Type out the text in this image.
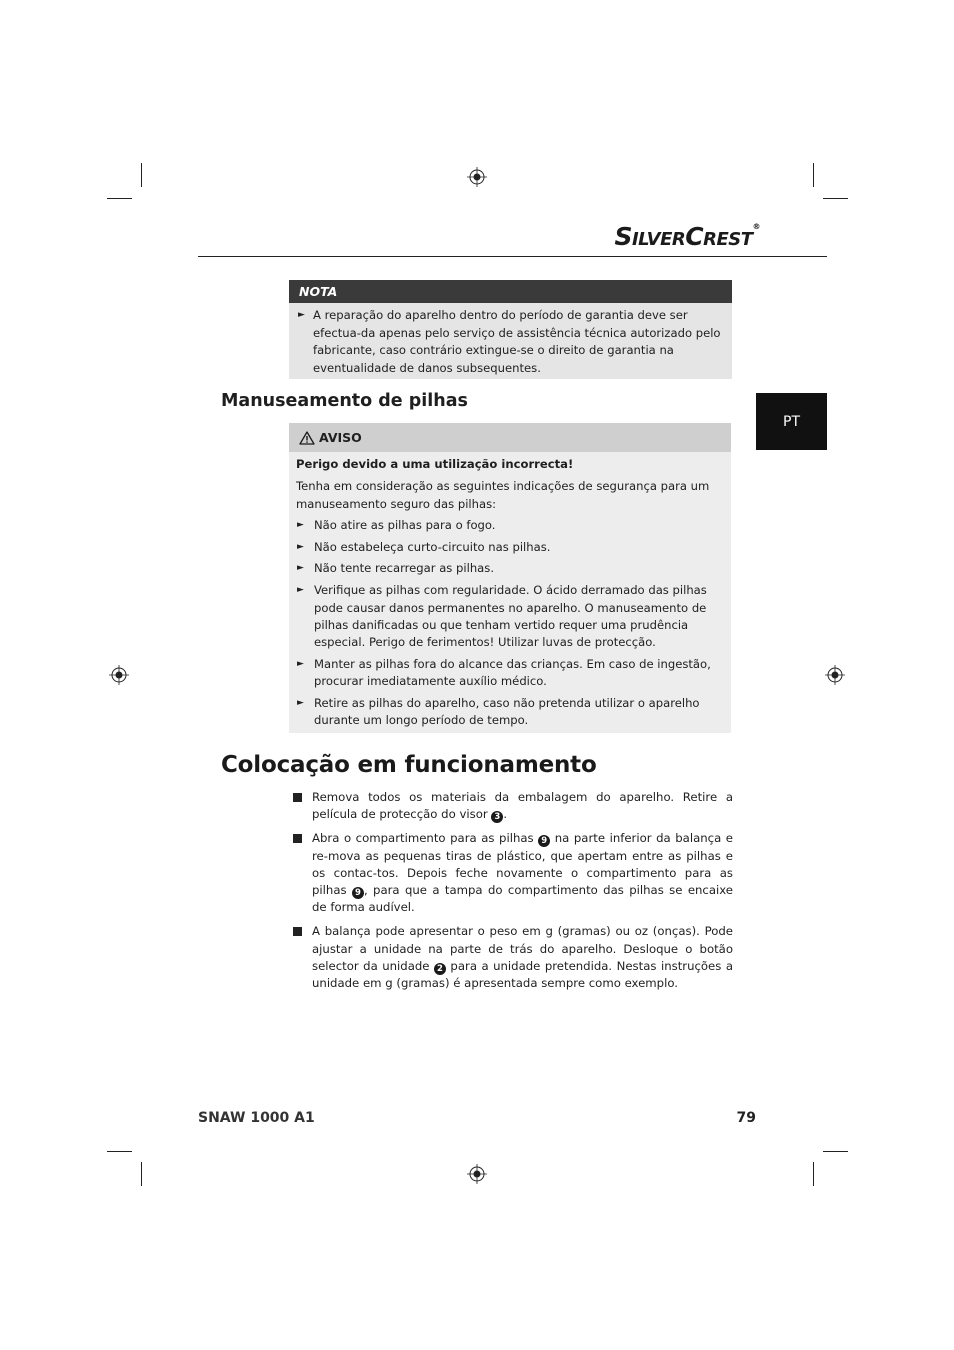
SILVERCREST®
PT
NOTA
► A reparação do aparelho dentro do período de garantia deve ser efectua-da apenas pelo serviço de assistência técnica autorizado pelo fabricante, caso contrário extingue-se o direito de garantia na eventualidade de danos subsequentes.
Manuseamento de pilhas
AVISO
Perigo devido a uma utilização incorrecta!
Tenha em consideração as seguintes indicações de segurança para um manuseamento seguro das pilhas:
► Não atire as pilhas para o fogo.
► Não estabeleça curto-circuito nas pilhas.
► Não tente recarregar as pilhas.
► Verifique as pilhas com regularidade. O ácido derramado das pilhas pode causar danos permanentes no aparelho. O manuseamento de pilhas danificadas ou que tenham vertido requer uma prudência especial. Perigo de ferimentos! Utilizar luvas de protecção.
► Manter as pilhas fora do alcance das crianças. Em caso de ingestão, procurar imediatamente auxílio médico.
► Retire as pilhas do aparelho, caso não pretenda utilizar o aparelho durante um longo período de tempo.
Colocação em funcionamento
Remova todos os materiais da embalagem do aparelho. Retire a película de protecção do visor 3 .
Abra o compartimento para as pilhas 9 na parte inferior da balança e re-mova as pequenas tiras de plástico, que apertam entre as pilhas e os contac-tos. Depois feche novamente o compartimento para as pilhas 9 , para que a tampa do compartimento das pilhas se encaixe de forma audível.
A balança pode apresentar o peso em g (gramas) ou oz (onças). Pode ajustar a unidade na parte de trás do aparelho. Desloque o botão selector da unidade 2 para a unidade pretendida. Nestas instruções a unidade em g (gramas) é apresentada sempre como exemplo.
SNAW 1000 A1	79
